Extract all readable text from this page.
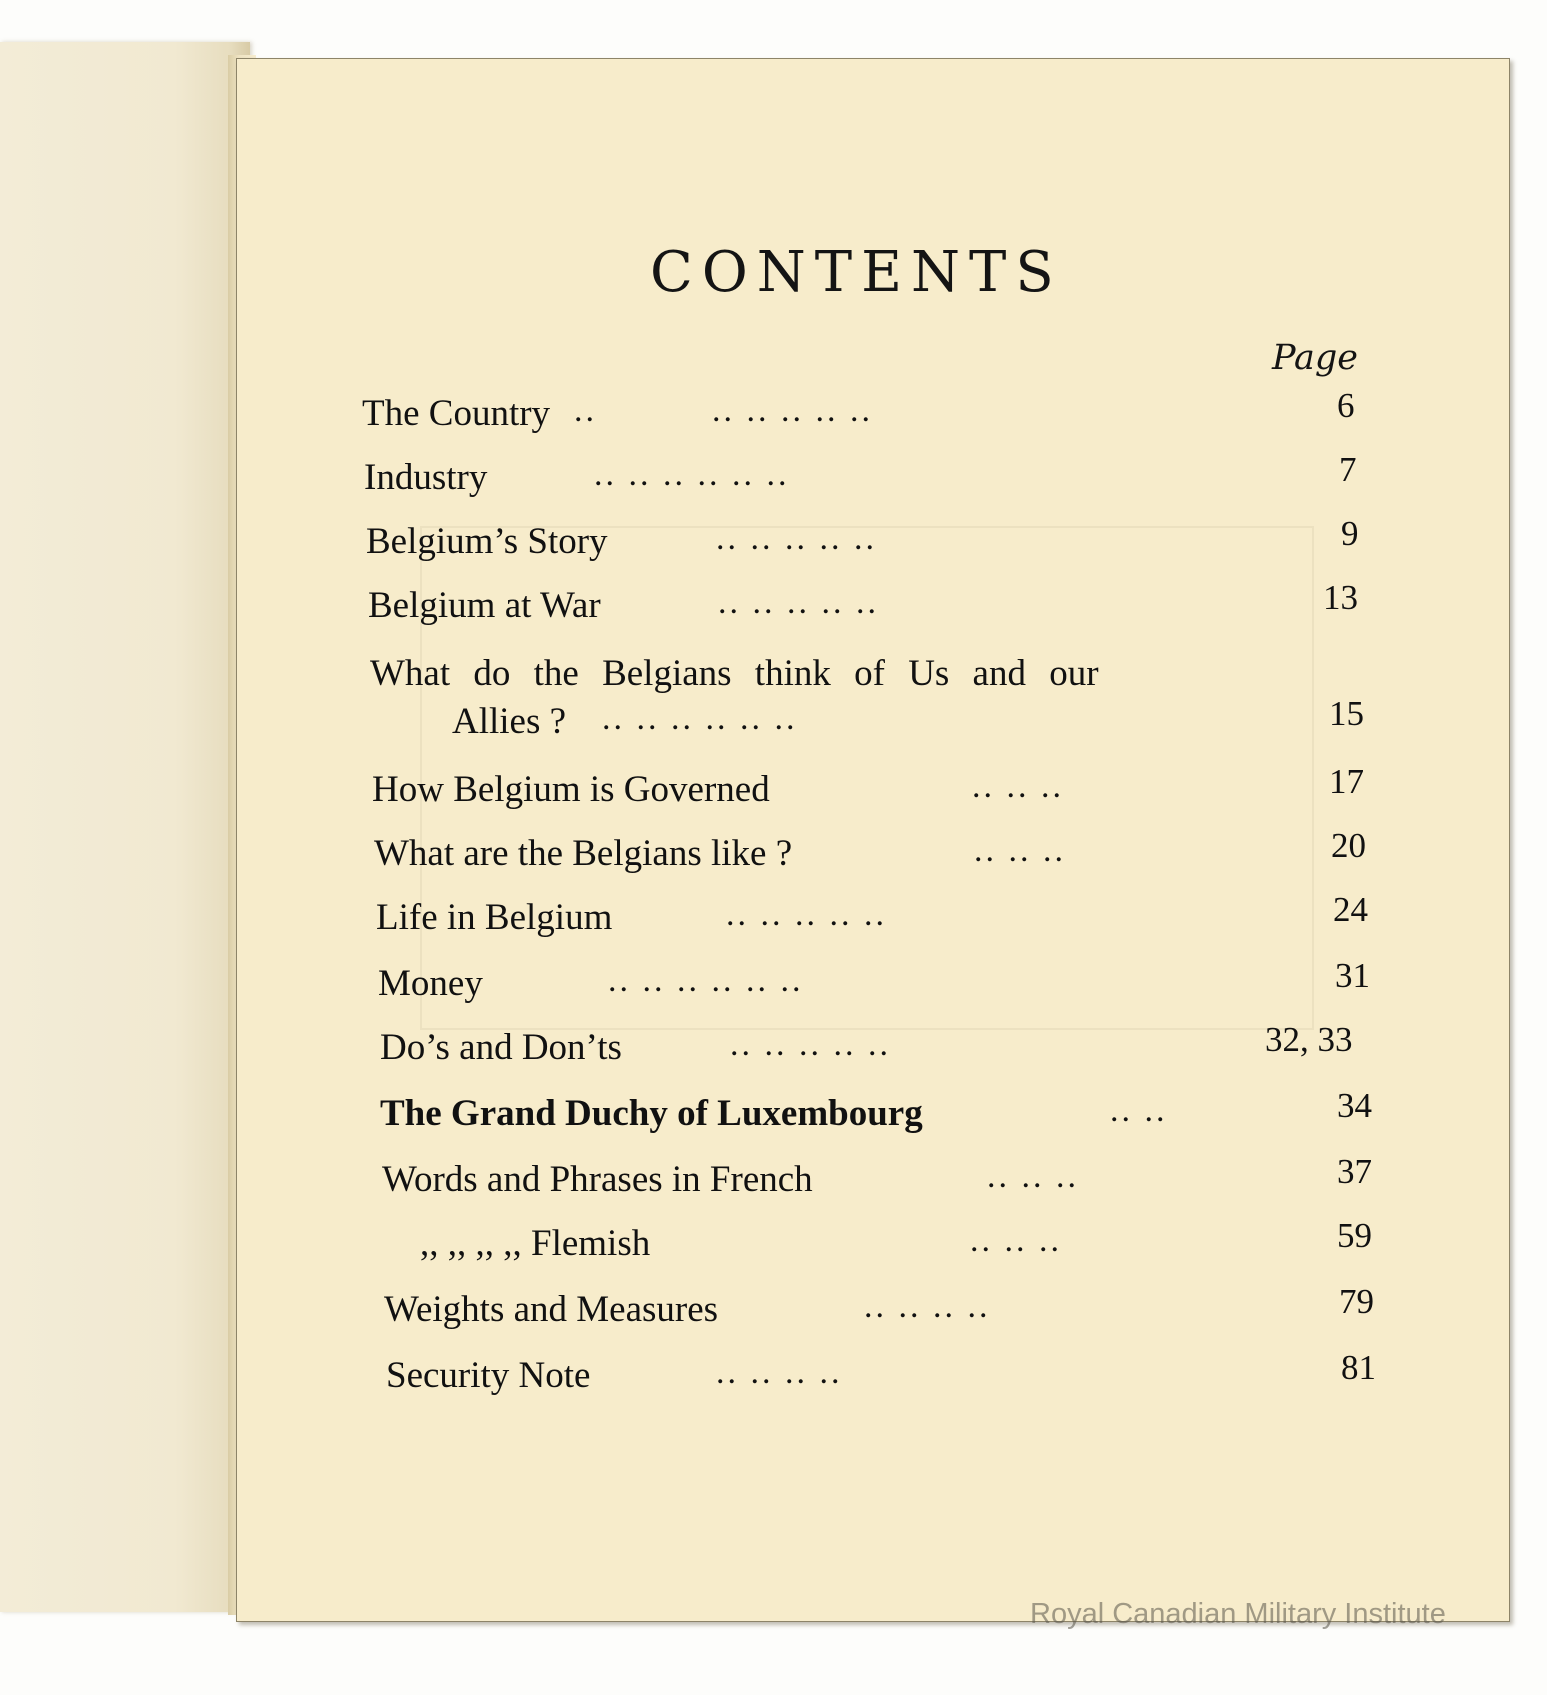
CONTENTS
Page
The Country ..	.. .. .. .. ..	6
Industry	.. .. .. .. .. ..	7
Belgium’s Story	.. .. .. .. ..	9
Belgium at War	.. .. .. .. ..	13
What do the Belgians think of Us and our
Allies ? .. .. .. .. .. ..	15
How Belgium is Governed	.. .. ..	17
What are the Belgians like ?	.. .. ..	20
Life in Belgium	.. .. .. .. ..	24
Money	.. .. .. .. .. ..	31
Do’s and Don’ts	.. .. .. .. ..	32, 33
The Grand Duchy of Luxembourg	.. ..	34
Words and Phrases in French	.. .. ..	37
,, ,, ,, ,, Flemish	.. .. ..	59
Weights and Measures	.. .. .. ..	79
Security Note	.. .. .. ..	81
Royal Canadian Military Institute
